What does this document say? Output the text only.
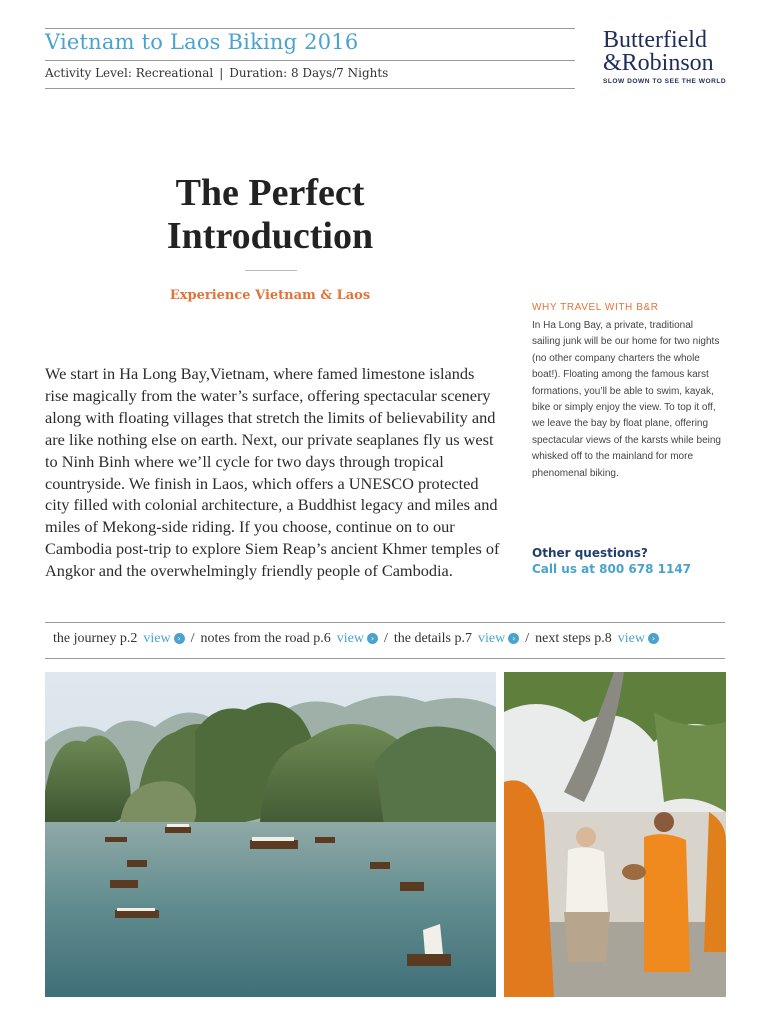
Vietnam to Laos Biking 2016
Activity Level: Recreational | Duration: 8 Days/7 Nights
Butterfield
&Robinson
SLOW DOWN TO SEE THE WORLD
The Perfect
Introduction
Experience Vietnam & Laos
We start in Ha Long Bay,Vietnam, where famed limestone islands rise magically from the water’s surface, offering spectacular scenery along with floating villages that stretch the limits of believability and are like nothing else on earth. Next, our private seaplanes fly us west to Ninh Binh where we’ll cycle for two days through tropical countryside. We finish in Laos, which offers a UNESCO protected city filled with colonial architecture, a Buddhist legacy and miles and miles of Mekong-side riding. If you choose, continue on to our Cambodia post-trip to explore Siem Reap’s ancient Khmer temples of Angkor and the overwhelmingly friendly people of Cambodia.
WHY TRAVEL WITH B&R
In Ha Long Bay, a private, traditional sailing junk will be our home for two nights (no other company charters the whole boat!). Floating among the famous karst formations, you’ll be able to swim, kayak, bike or simply enjoy the view. To top it off, we leave the bay by float plane, offering spectacular views of the karsts while being whisked off to the mainland for more phenomenal biking.
Other questions?
Call us at 800 678 1147
the journey p.2 view › / notes from the road p.6 view › / the details p.7 view › / next steps p.8 view ›
